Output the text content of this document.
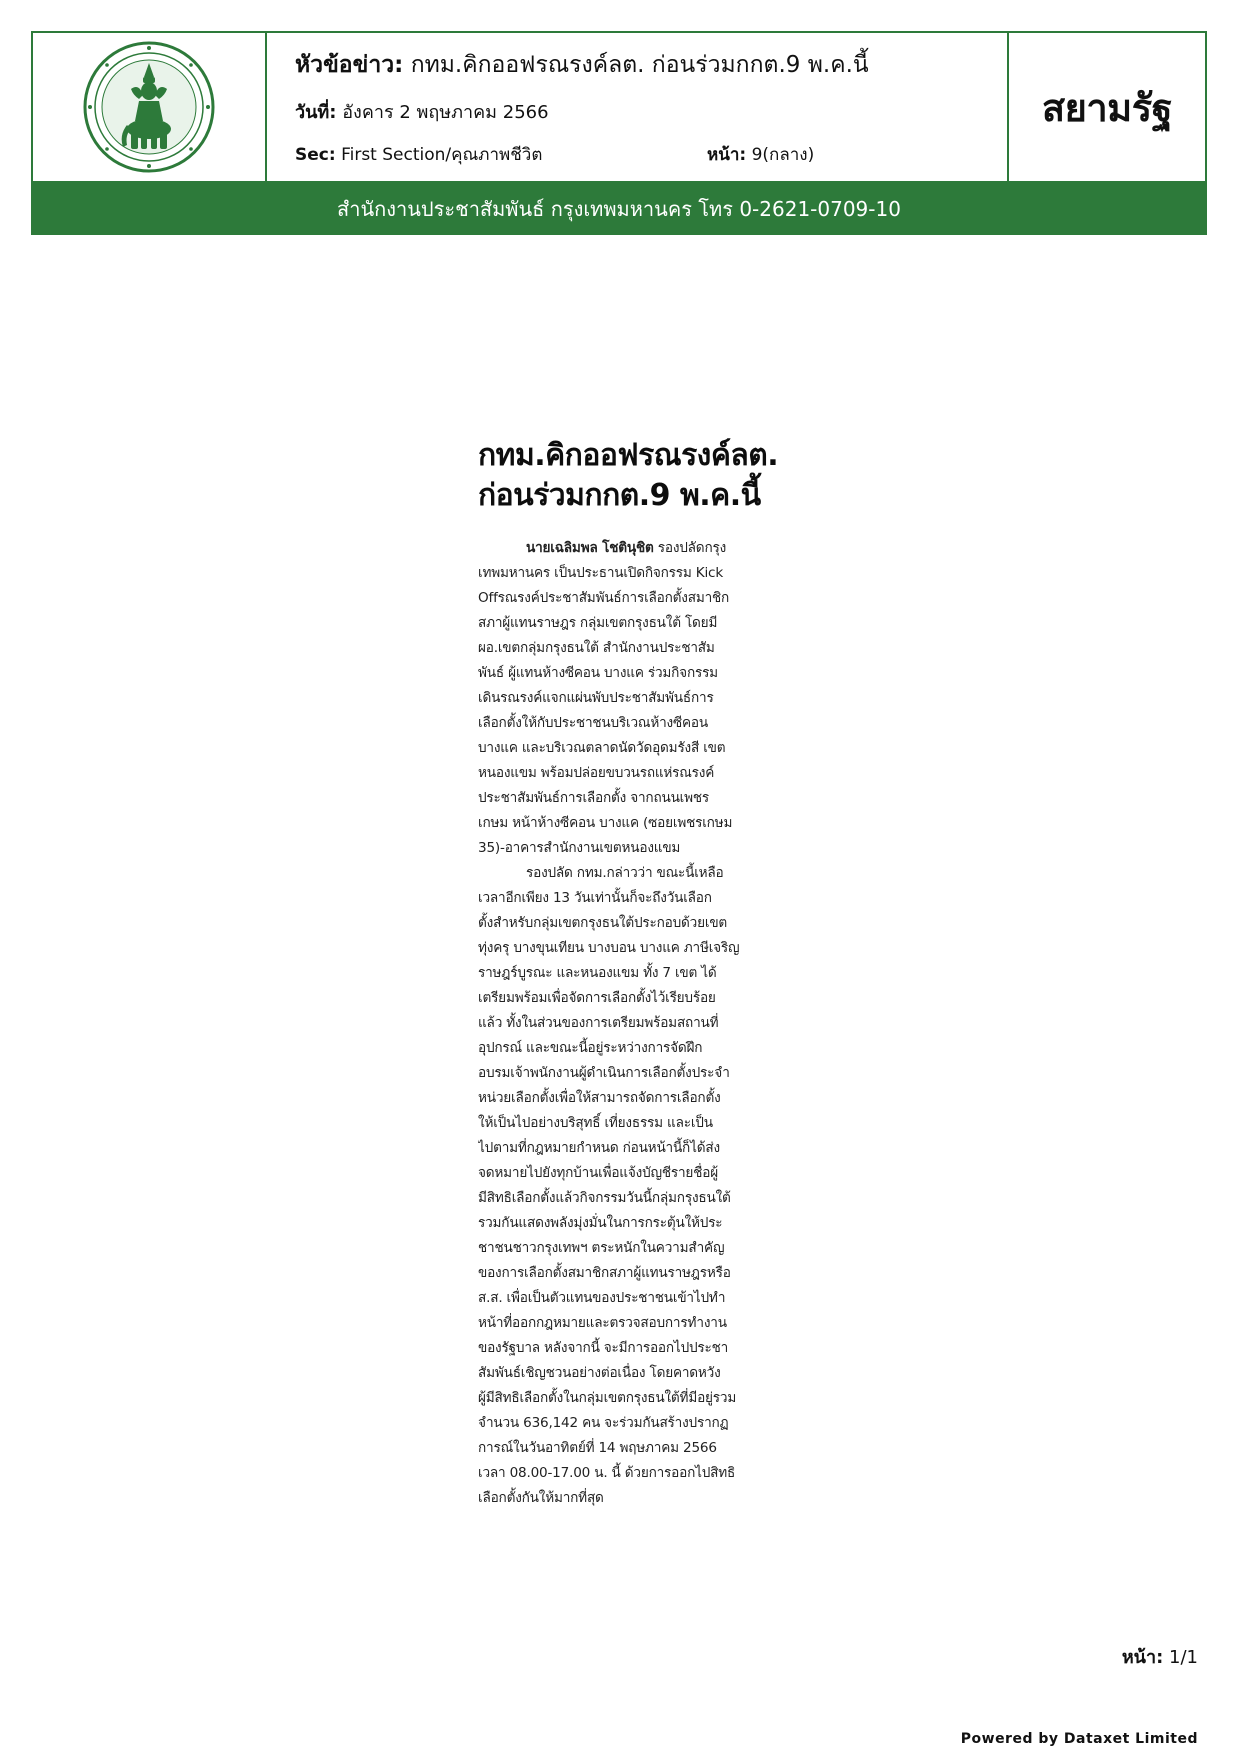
หัวข้อข่าว: กทม.คิกออฟรณรงค์ลต. ก่อนร่วมกกต.9 พ.ค.นี้
วันที่: อังคาร 2 พฤษภาคม 2566
Sec: First Section/คุณภาพชีวิต	หน้า: 9(กลาง)
สยามรัฐ
สำนักงานประชาสัมพันธ์ กรุงเทพมหานคร โทร 0-2621-0709-10
กทม.คิกออฟรณรงค์ลต.
ก่อนร่วมกกต.9 พ.ค.นี้
นายเฉลิมพล โชตินุชิต รองปลัดกรุง
เทพมหานคร เป็นประธานเปิดกิจกรรม Kick
Offรณรงค์ประชาสัมพันธ์การเลือกตั้งสมาชิก
สภาผู้แทนราษฎร กลุ่มเขตกรุงธนใต้ โดยมี
ผอ.เขตกลุ่มกรุงธนใต้ สำนักงานประชาสัม
พันธ์ ผู้แทนห้างซีคอน บางแค ร่วมกิจกรรม
เดินรณรงค์แจกแผ่นพับประชาสัมพันธ์การ
เลือกตั้งให้กับประชาชนบริเวณห้างซีคอน
บางแค และบริเวณตลาดนัดวัดอุดมรังสี เขต
หนองแขม พร้อมปล่อยขบวนรถแห่รณรงค์
ประชาสัมพันธ์การเลือกตั้ง จากถนนเพชร
เกษม หน้าห้างซีคอน บางแค (ซอยเพชรเกษม
35)-อาคารสำนักงานเขตหนองแขม
รองปลัด กทม.กล่าวว่า ขณะนี้เหลือ
เวลาอีกเพียง 13 วันเท่านั้นก็จะถึงวันเลือก
ตั้งสำหรับกลุ่มเขตกรุงธนใต้ประกอบด้วยเขต
ทุ่งครุ บางขุนเทียน บางบอน บางแค ภาษีเจริญ
ราษฎร์บูรณะ และหนองแขม ทั้ง 7 เขต ได้
เตรียมพร้อมเพื่อจัดการเลือกตั้งไว้เรียบร้อย
แล้ว ทั้งในส่วนของการเตรียมพร้อมสถานที่
อุปกรณ์ และขณะนี้อยู่ระหว่างการจัดฝึก
อบรมเจ้าพนักงานผู้ดำเนินการเลือกตั้งประจำ
หน่วยเลือกตั้งเพื่อให้สามารถจัดการเลือกตั้ง
ให้เป็นไปอย่างบริสุทธิ์ เที่ยงธรรม และเป็น
ไปตามที่กฎหมายกำหนด ก่อนหน้านี้ก็ได้ส่ง
จดหมายไปยังทุกบ้านเพื่อแจ้งบัญชีรายชื่อผู้
มีสิทธิเลือกตั้งแล้วกิจกรรมวันนี้กลุ่มกรุงธนใต้
รวมกันแสดงพลังมุ่งมั่นในการกระตุ้นให้ประ
ชาชนชาวกรุงเทพฯ ตระหนักในความสำคัญ
ของการเลือกตั้งสมาชิกสภาผู้แทนราษฎรหรือ
ส.ส. เพื่อเป็นตัวแทนของประชาชนเข้าไปทำ
หน้าที่ออกกฎหมายและตรวจสอบการทำงาน
ของรัฐบาล หลังจากนี้ จะมีการออกไปประชา
สัมพันธ์เชิญชวนอย่างต่อเนื่อง โดยคาดหวัง
ผู้มีสิทธิเลือกตั้งในกลุ่มเขตกรุงธนใต้ที่มีอยู่รวม
จำนวน 636,142 คน จะร่วมกันสร้างปรากฏ
การณ์ในวันอาทิตย์ที่ 14 พฤษภาคม 2566
เวลา 08.00-17.00 น. นี้ ด้วยการออกไปสิทธิ
เลือกตั้งกันให้มากที่สุด
หน้า: 1/1
Powered by Dataxet Limited
